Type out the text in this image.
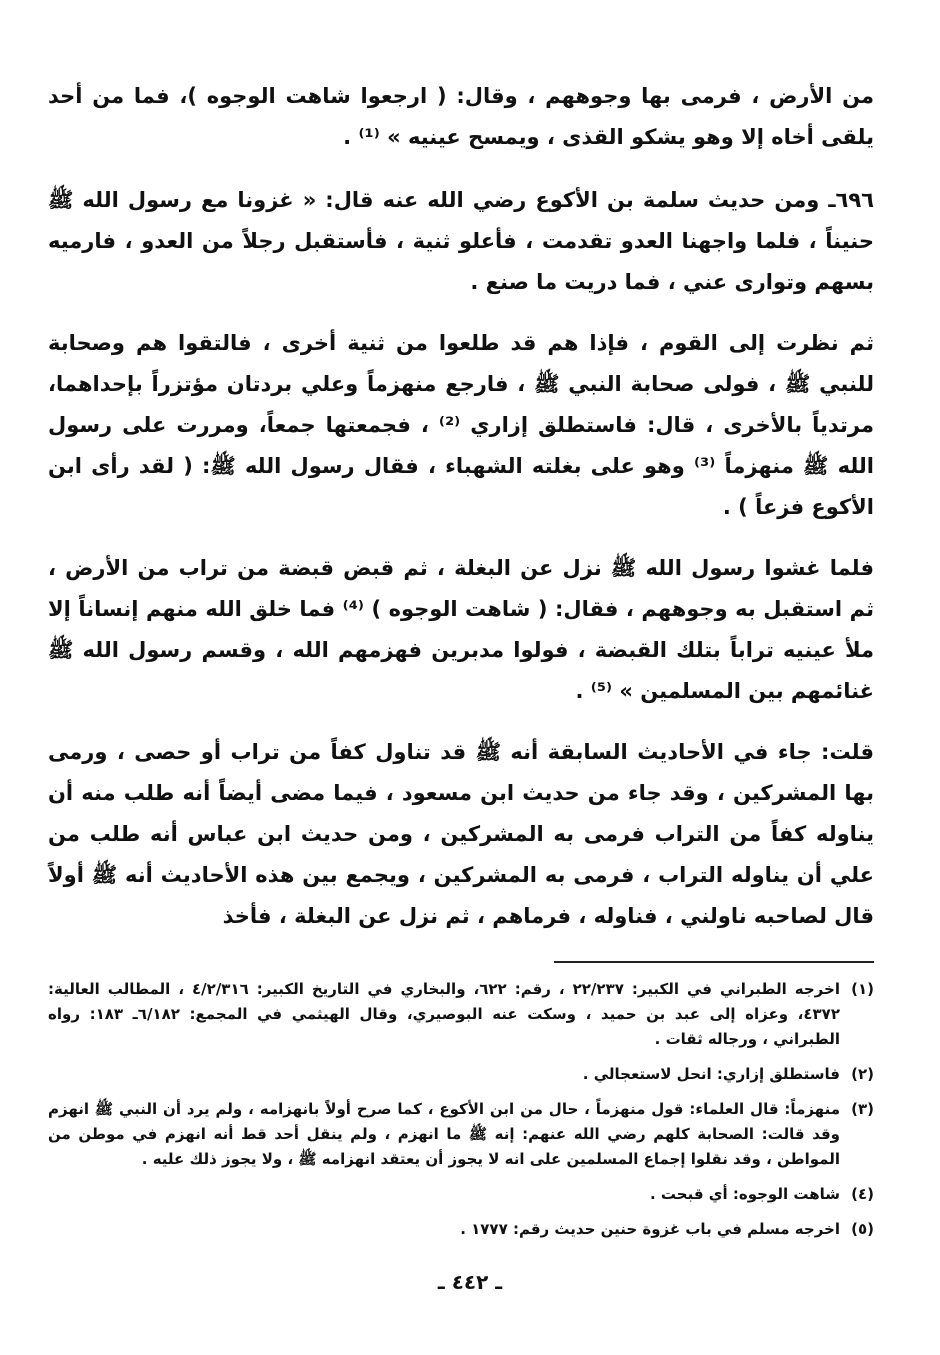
من الأرض ، فرمى بها وجوههم ، وقال: ( ارجعوا شاهت الوجوه )، فما من أحد يلقى أخاه إلا وهو يشكو القذى ، ويمسح عينيه » ⁽¹⁾ .

٦٩٦ـ ومن حديث سلمة بن الأكوع رضي الله عنه قال: « غزونا مع رسول الله ﷺ حنيناً ، فلما واجهنا العدو تقدمت ، فأعلو ثنية ، فأستقبل رجلاً من العدو ، فارميه بسهم وتوارى عني ، فما دريت ما صنع .

ثم نظرت إلى القوم ، فإذا هم قد طلعوا من ثنية أخرى ، فالتقوا هم وصحابة للنبي ﷺ ، فولى صحابة النبي ﷺ ، فارجع منهزماً وعلي بردتان مؤتزراً بإحداهما، مرتدياً بالأخرى ، قال: فاستطلق إزاري ⁽²⁾ ، فجمعتها جمعاً، ومررت على رسول الله ﷺ منهزماً ⁽³⁾ وهو على بغلته الشهباء ، فقال رسول الله ﷺ: ( لقد رأى ابن الأكوع فزعاً ) .

فلما غشوا رسول الله ﷺ نزل عن البغلة ، ثم قبض قبضة من تراب من الأرض ، ثم استقبل به وجوههم ، فقال: ( شاهت الوجوه ) ⁽⁴⁾ فما خلق الله منهم إنساناً إلا ملأ عينيه تراباً بتلك القبضة ، فولوا مدبرين فهزمهم الله ، وقسم رسول الله ﷺ غنائمهم بين المسلمين » ⁽⁵⁾ .

قلت: جاء في الأحاديث السابقة أنه ﷺ قد تناول كفاً من تراب أو حصى ، ورمى بها المشركين ، وقد جاء من حديث ابن مسعود ، فيما مضى أيضاً أنه طلب منه أن يناوله كفاً من التراب فرمى به المشركين ، ومن حديث ابن عباس أنه طلب من علي أن يناوله التراب ، فرمى به المشركين ، ويجمع بين هذه الأحاديث أنه ﷺ أولاً قال لصاحبه ناولني ، فناوله ، فرماهم ، ثم نزل عن البغلة ، فأخذ

(١)
اخرجه الطبراني في الكبير: ٢٢/٢٣٧ ، رقم: ٦٢٢، والبخاري في التاريخ الكبير: ٤/٢/٣١٦ ، المطالب العالية: ٤٣٧٢، وعزاه إلى عبد بن حميد ، وسكت عنه البوصيري، وقال الهيثمي في المجمع: ٦/١٨٢ـ ١٨٣: رواه الطبراني ، ورجاله ثقات .
(٢)
فاستطلق إزاري: انحل لاستعجالي .
(٣)
منهزماً: قال العلماء: قول منهزماً ، حال من ابن الأكوع ، كما صرح أولاً بانهزامه ، ولم يرد أن النبي ﷺ انهزم وقد قالت: الصحابة كلهم رضي الله عنهم: إنه ﷺ ما انهزم ، ولم ينقل أحد قط أنه انهزم في موطن من المواطن ، وقد نقلوا إجماع المسلمين على انه لا يجوز أن يعتقد انهزامه ﷺ ، ولا يجوز ذلك عليه .
(٤)
شاهت الوجوه: أي قبحت .
(٥)
اخرجه مسلم في باب غزوة حنين حديث رقم: ١٧٧٧ .
ـ ٤٤٢ ـ
